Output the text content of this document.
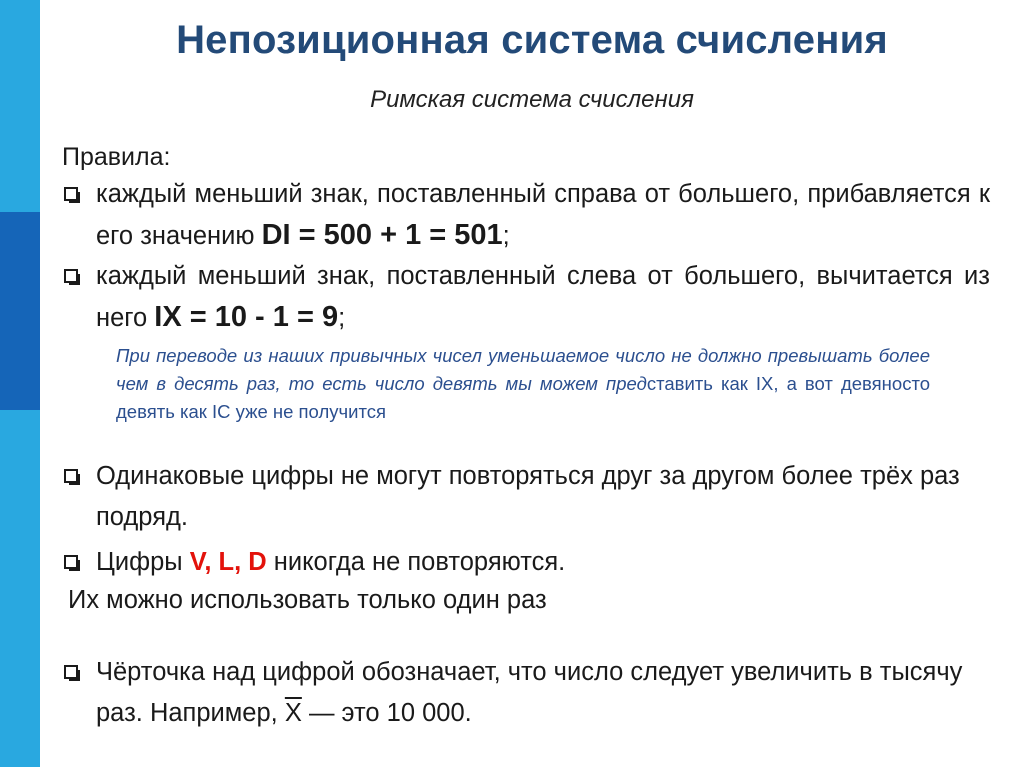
Непозиционная система счисления
Римская система счисления
Правила:
каждый меньший знак, поставленный справа от большего, прибавляется к его значению DI = 500 + 1 = 501;
каждый меньший знак, поставленный слева от большего, вычитается из него IX = 10 - 1 = 9;
При переводе из наших привычных чисел уменьшаемое число не должно превышать более чем в десять раз, то есть число девять мы можем представить как IX, а вот девяносто девять как IC уже не получится
Одинаковые цифры не могут повторяться друг за другом более трёх раз подряд.
Цифры V, L, D никогда не повторяются.
Их можно использовать только один раз
Чёрточка над цифрой обозначает, что число следует увеличить в тысячу раз. Например, $\overline{X}$ — это 10 000.
